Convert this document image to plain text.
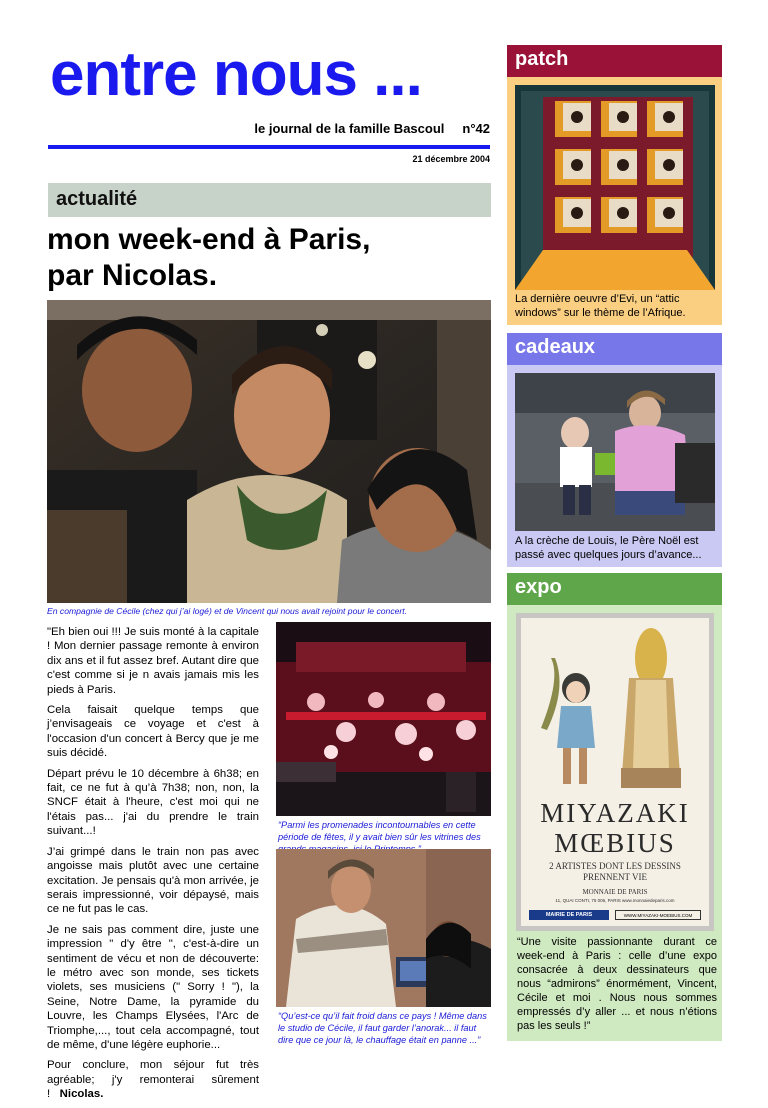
entre nous ...
le journal de la famille Bascoul n°42
21 décembre 2004
actualité
mon week-end à Paris,
par Nicolas.
En compagnie de Cécile (chez qui j’ai logé) et de Vincent qui nous avait rejoint pour le concert.

"Eh bien oui !!! Je suis monté à la capitale ! Mon dernier passage remonte à environ dix ans et il fut assez bref. Autant dire que c'est comme si je n avais jamais mis les pieds à Paris.

Cela faisait quelque temps que j’envisageais ce voyage et c'est à l'occasion d'un concert à Bercy que je me suis décidé.

Départ prévu le 10 décembre à 6h38; en fait, ce ne fut à qu’à 7h38; non, non, la SNCF était à l'heure, c'est moi qui ne l'étais pas... j'ai du prendre le train suivant...!

J’ai grimpé dans le train non pas avec angoisse mais plutôt avec une certaine excitation. Je pensais qu'à mon arrivée, je serais impressionné, voir dépaysé, mais ce ne fut pas le cas.

Je ne sais pas comment dire, juste une impression " d'y être ", c'est-à-dire un sentiment de vécu et non de découverte: le métro avec son monde, ses tickets violets, ses musiciens (" Sorry ! "), la Seine, Notre Dame, la pyramide du Louvre, les Champs Elysées, l'Arc de Triomphe,..., tout cela accompagné, tout de même, d'une légère euphorie...

Pour conclure, mon séjour fut très agréable; j'y remonterai sûrement ! Nicolas.

“Parmi les promenades incontournables en cette période de fêtes, il y avait bien sûr les vitrines des
“Qu’est-ce qu’il fait froid dans ce pays ! Même dans le studio de Cécile, il faut garder l’anorak... il faut dire que ce jour là, le chauffage était en panne ...”
patch
La dernière oeuvre d’Evi, un “attic windows” sur le thème de l’Afrique.
cadeaux
A la crèche de Louis, le Père Noël est passé avec quelques jours d’avance...
expo
MIYAZAKI
MŒBIUS
2 ARTISTES DONT LES DESSINS
PRENNENT VIE
MONNAIE DE PARIS
11, QUAI CONTI, 75 006, PARIS www.monnaiedeparis.com
MAIRIE DE PARIS	WWW.MIYAZAKI-MOEBIUS.COM
“Une visite passionnante durant ce week-end à Paris : celle d’une expo consacrée à deux dessinateurs que nous “admirons” énormément, Vincent, Cécile et moi . Nous nous sommes empressés d’y aller ... et nous n’étions pas les seuls !”
